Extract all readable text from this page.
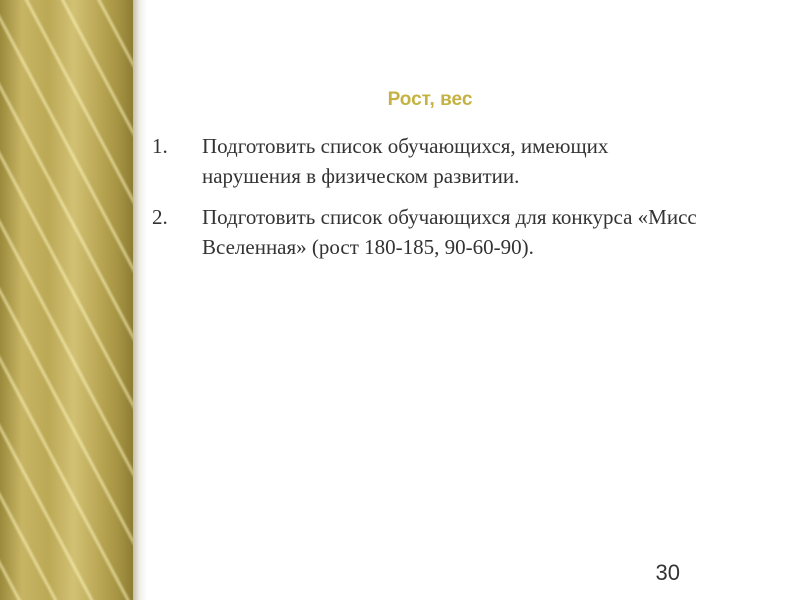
Рост, вес
1.	Подготовить список обучающихся, имеющих нарушения в физическом развитии.
2.	Подготовить список обучающихся для конкурса «Мисс Вселенная» (рост 180-185, 90-60-90).
30
